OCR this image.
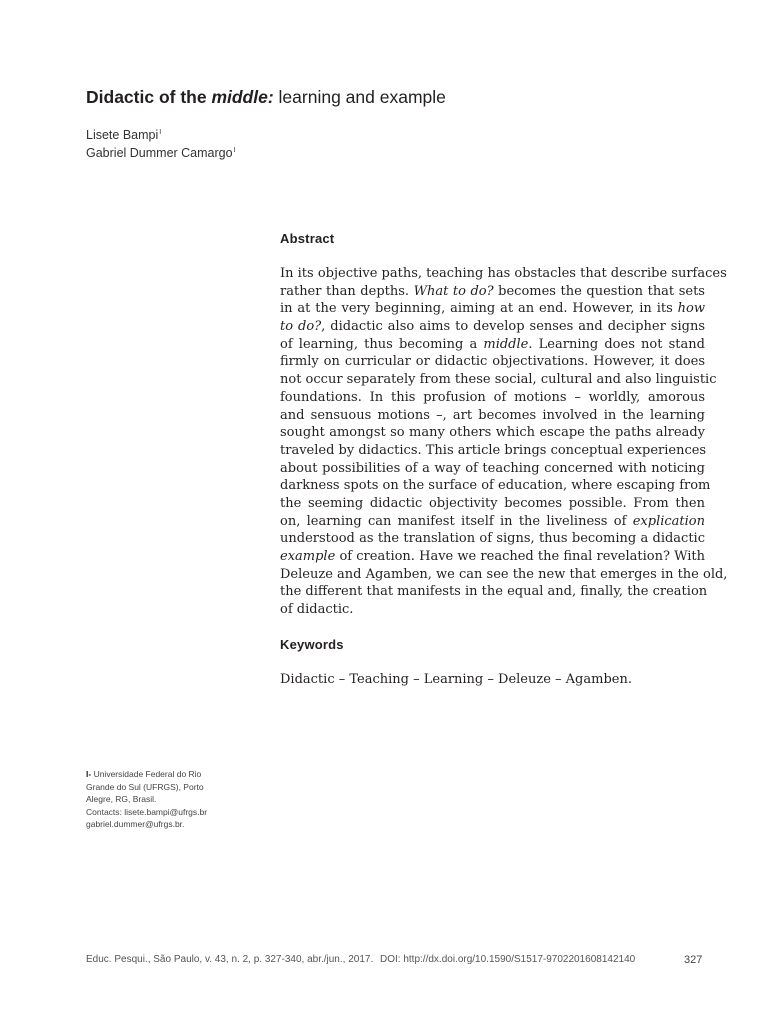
Didactic of the middle: learning and example
Lisete Bampi$^I$
Gabriel Dummer Camargo$^I$
Abstract
In its objective paths, teaching has obstacles that describe surfaces
rather than depths. What to do? becomes the question that sets
in at the very beginning, aiming at an end. However, in its how
to do?, didactic also aims to develop senses and decipher signs
of learning, thus becoming a middle. Learning does not stand
firmly on curricular or didactic objectivations. However, it does
not occur separately from these social, cultural and also linguistic
foundations. In this profusion of motions – worldly, amorous
and sensuous motions –, art becomes involved in the learning
sought amongst so many others which escape the paths already
traveled by didactics. This article brings conceptual experiences
about possibilities of a way of teaching concerned with noticing
darkness spots on the surface of education, where escaping from
the seeming didactic objectivity becomes possible. From then
on, learning can manifest itself in the liveliness of explication
understood as the translation of signs, thus becoming a didactic
example of creation. Have we reached the final revelation? With
Deleuze and Agamben, we can see the new that emerges in the old,
the different that manifests in the equal and, finally, the creation
of didactic.
Keywords
Didactic – Teaching – Learning – Deleuze – Agamben.
I- Universidade Federal do Rio
Grande do Sul (UFRGS), Porto
Alegre, RG, Brasil.
Contacts: lisete.bampi@ufrgs.br
gabriel.dummer@ufrgs.br.
Educ. Pesqui., São Paulo, v. 43, n. 2, p. 327-340, abr./jun., 2017. DOI: http://dx.doi.org/10.1590/S1517-9702201608142140	327
